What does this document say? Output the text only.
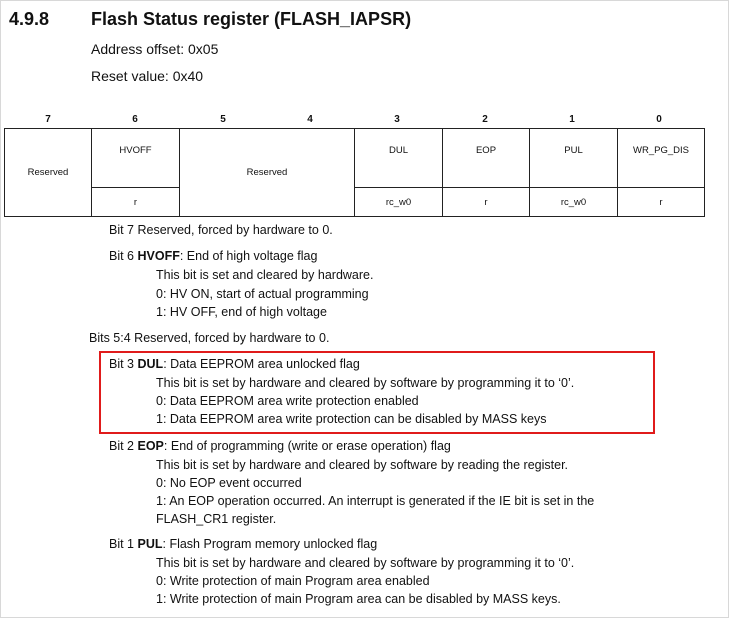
4.9.8 Flash Status register (FLASH_IAPSR)
Address offset: 0x05
Reset value: 0x40
7	6	5	4	3	2	1	0
Reserved	HVOFF	Reserved	DUL	EOP	PUL	WR_PG_DIS
	r		rc_w0	r	rc_w0	r
Bit 7 Reserved, forced by hardware to 0.
Bit 6 HVOFF: End of high voltage flag
This bit is set and cleared by hardware.
0: HV ON, start of actual programming
1: HV OFF, end of high voltage
Bits 5:4 Reserved, forced by hardware to 0.
Bit 3 DUL: Data EEPROM area unlocked flag
This bit is set by hardware and cleared by software by programming it to ‘0’.
0: Data EEPROM area write protection enabled
1: Data EEPROM area write protection can be disabled by MASS keys
Bit 2 EOP: End of programming (write or erase operation) flag
This bit is set by hardware and cleared by software by reading the register.
0: No EOP event occurred
1: An EOP operation occurred. An interrupt is generated if the IE bit is set in the
FLASH_CR1 register.
Bit 1 PUL: Flash Program memory unlocked flag
This bit is set by hardware and cleared by software by programming it to ‘0’.
0: Write protection of main Program area enabled
1: Write protection of main Program area can be disabled by MASS keys.
